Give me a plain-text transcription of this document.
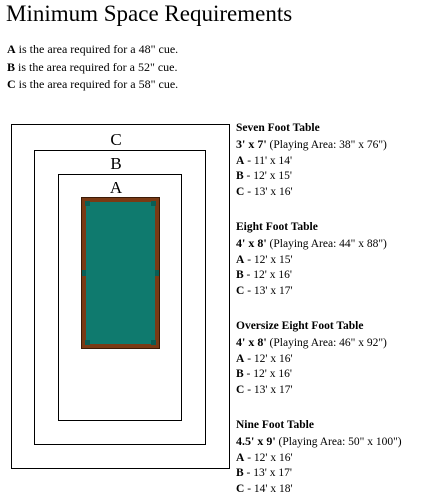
Minimum Space Requirements
A is the area required for a 48" cue.
B is the area required for a 52" cue.
C is the area required for a 58" cue.
C
B
A
Seven Foot Table
3' x 7' (Playing Area: 38" x 76")
A - 11' x 14'
B - 12' x 15'
C - 13' x 16'
Eight Foot Table
4' x 8' (Playing Area: 44" x 88")
A - 12' x 15'
B - 12' x 16'
C - 13' x 17'
Oversize Eight Foot Table
4' x 8' (Playing Area: 46" x 92")
A - 12' x 16'
B - 12' x 16'
C - 13' x 17'
Nine Foot Table
4.5' x 9' (Playing Area: 50" x 100")
A - 12' x 16'
B - 13' x 17'
C - 14' x 18'
